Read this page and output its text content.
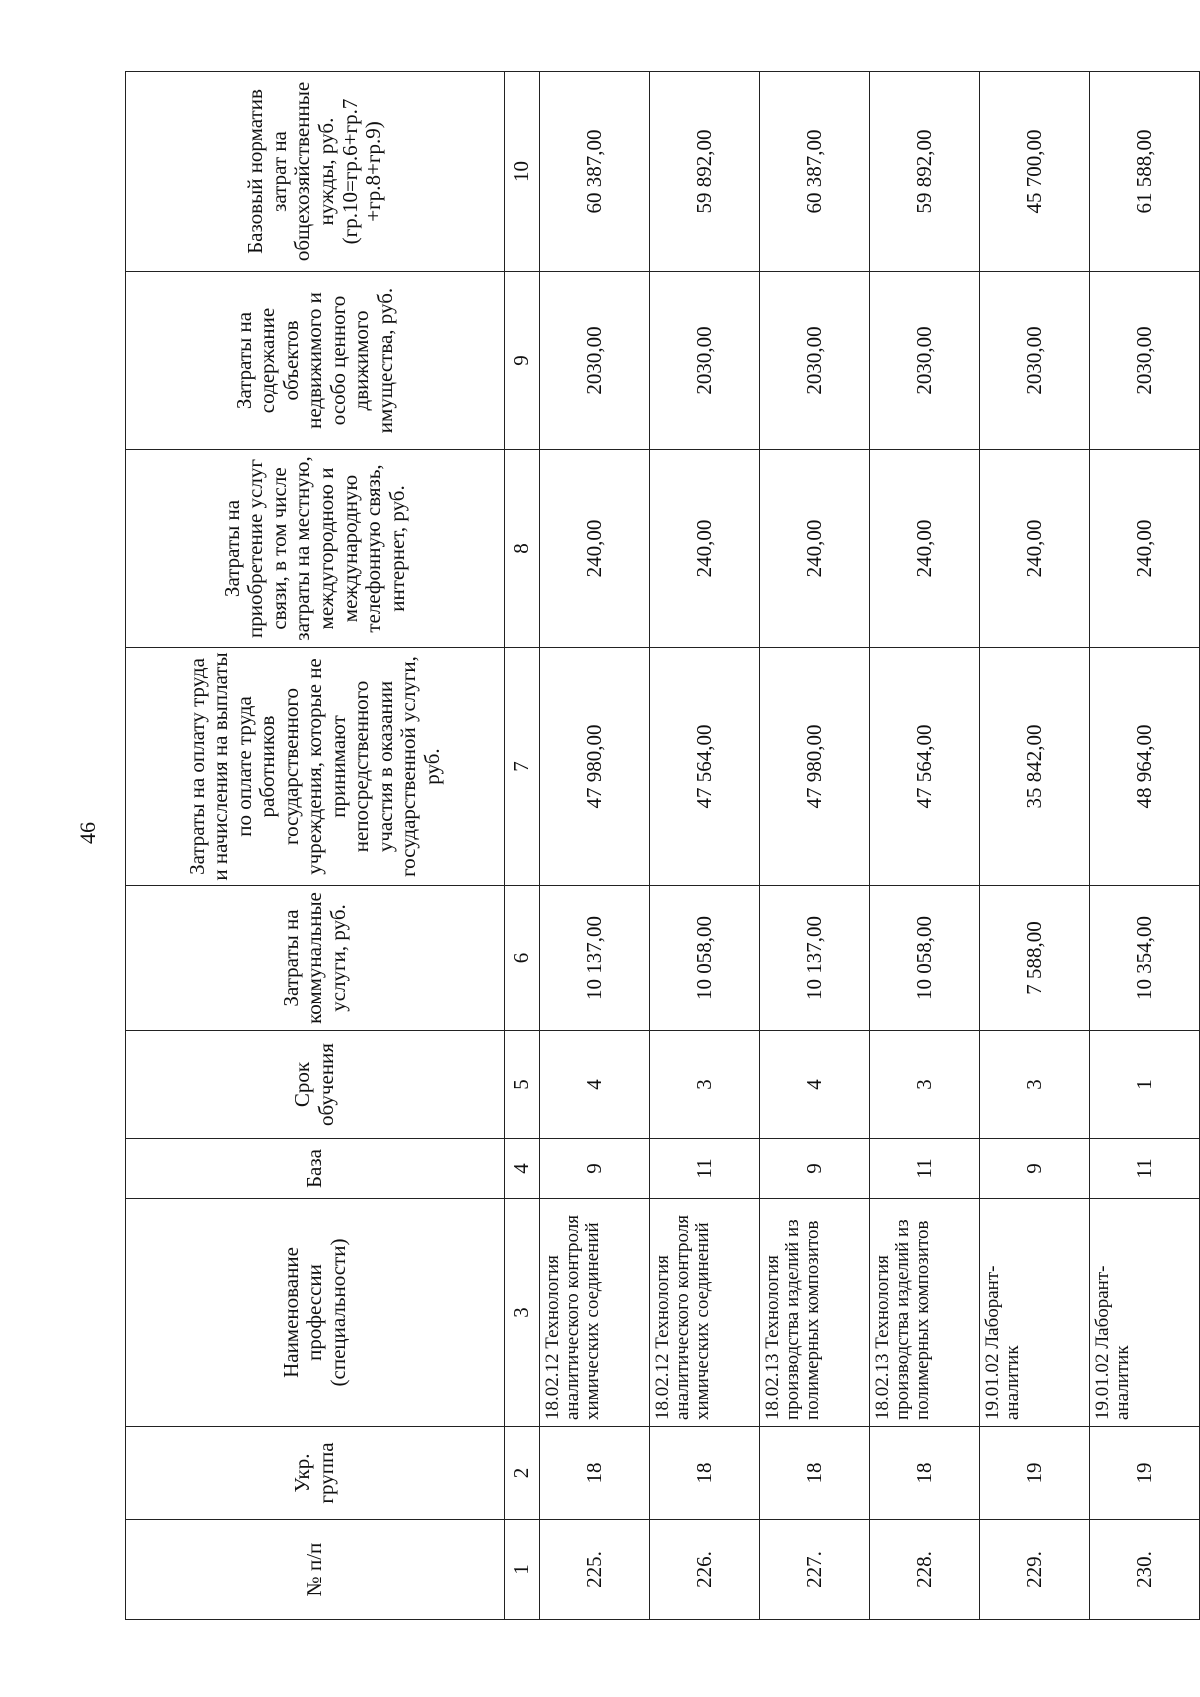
46
№ п/п	Укр. группа	Наименование профессии (специальности)	База	Срок обучения	Затраты на коммунальные услуги, руб.	Затраты на оплату труда и начисления на выплаты по оплате труда работников государственного учреждения, которые не принимают непосредственного участия в оказании государственной услуги, руб.	Затраты на приобретение услуг связи, в том числе затраты на местную, междугородною и международную телефонную связь, интернет, руб.	Затраты на содержание объектов недвижимого и особо ценного движимого имущества, руб.	Базовый норматив затрат на общехозяйственные нужды, руб. (гр.10=гр.6+гр.7 +гр.8+гр.9)
1	2	3	4	5	6	7	8	9	10
225.	18	18.02.12 Технология аналитического контроля химических соединений	9	4	10 137,00	47 980,00	240,00	2030,00	60 387,00
226.	18	18.02.12 Технология аналитического контроля химических соединений	11	3	10 058,00	47 564,00	240,00	2030,00	59 892,00
227.	18	18.02.13 Технология производства изделий из полимерных композитов	9	4	10 137,00	47 980,00	240,00	2030,00	60 387,00
228.	18	18.02.13 Технология производства изделий из полимерных композитов	11	3	10 058,00	47 564,00	240,00	2030,00	59 892,00
229.	19	19.01.02 Лаборант-аналитик	9	3	7 588,00	35 842,00	240,00	2030,00	45 700,00
230.	19	19.01.02 Лаборант-аналитик	11	1	10 354,00	48 964,00	240,00	2030,00	61 588,00
